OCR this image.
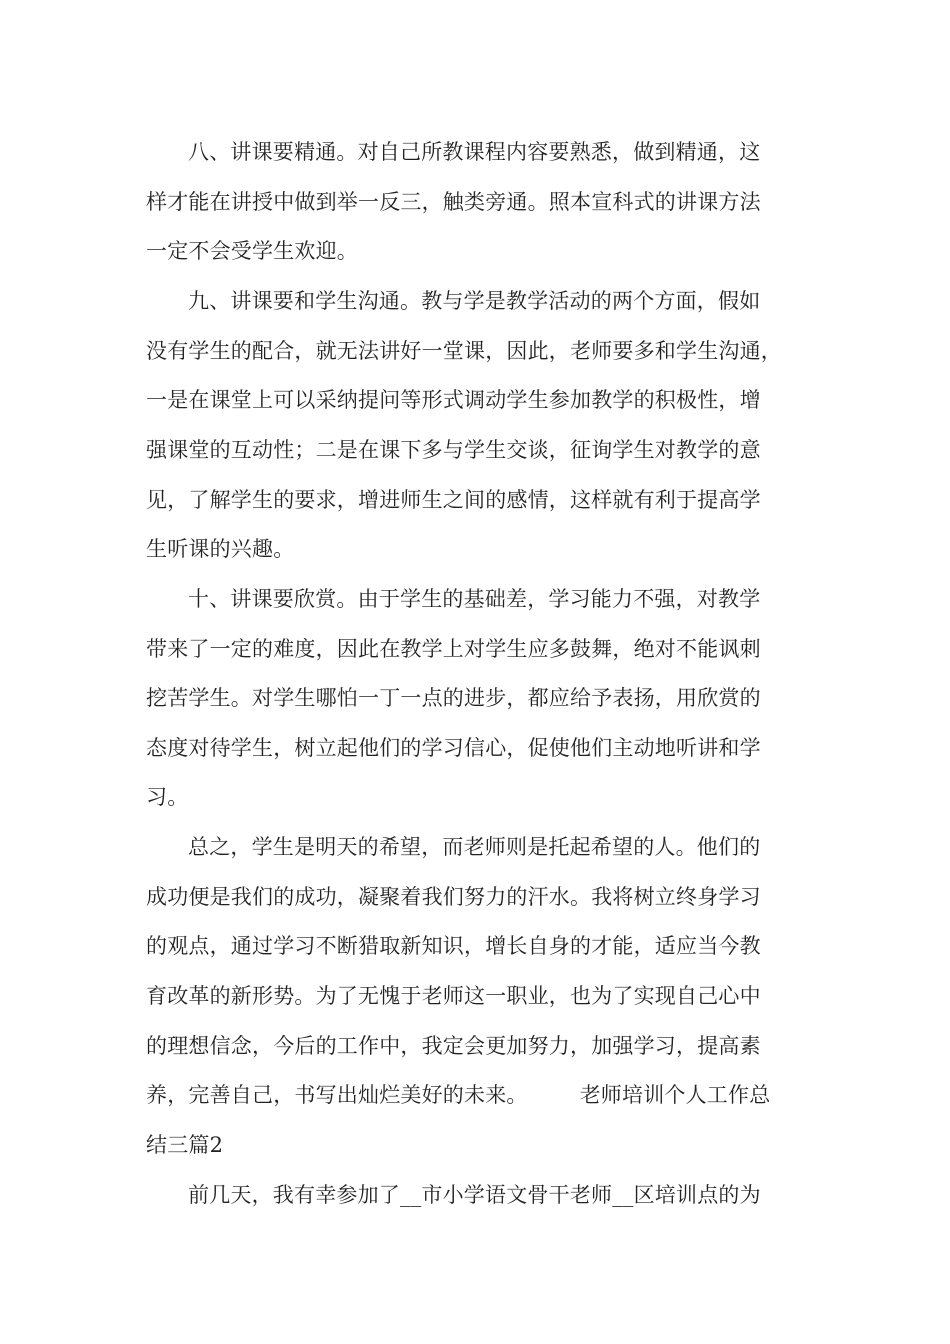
八、讲课要精通。对自己所教课程内容要熟悉，做到精通，这

样才能在讲授中做到举一反三，触类旁通。照本宣科式的讲课方法

一定不会受学生欢迎。

九、讲课要和学生沟通。教与学是教学活动的两个方面，假如

没有学生的配合，就无法讲好一堂课，因此，老师要多和学生沟通，

一是在课堂上可以采纳提问等形式调动学生参加教学的积极性，增

强课堂的互动性；二是在课下多与学生交谈，征询学生对教学的意

见，了解学生的要求，增进师生之间的感情，这样就有利于提高学

生听课的兴趣。

十、讲课要欣赏。由于学生的基础差，学习能力不强，对教学

带来了一定的难度，因此在教学上对学生应多鼓舞，绝对不能讽刺

挖苦学生。对学生哪怕一丁一点的进步，都应给予表扬，用欣赏的

态度对待学生，树立起他们的学习信心，促使他们主动地听讲和学

习。

总之，学生是明天的希望，而老师则是托起希望的人。他们的

成功便是我们的成功，凝聚着我们努力的汗水。我将树立终身学习

的观点，通过学习不断猎取新知识，增长自身的才能，适应当今教

育改革的新形势。为了无愧于老师这一职业，也为了实现自己心中

的理想信念，今后的工作中，我定会更加努力，加强学习，提高素

养，完善自己，书写出灿烂美好的未来。 老师培训个人工作总

结三篇2

前几天，我有幸参加了__市小学语文骨干老师__区培训点的为
